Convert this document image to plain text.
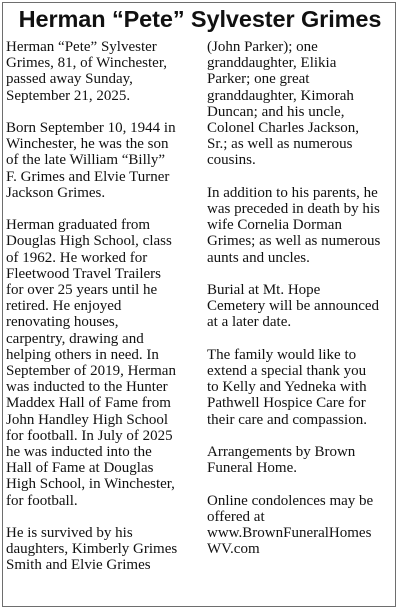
Herman “Pete” Sylvester Grimes

Herman “Pete” Sylvester
Grimes, 81, of Winchester,
passed away Sunday,
September 21, 2025.

Born September 10, 1944 in
Winchester, he was the son
of the late William “Billy”
F. Grimes and Elvie Turner
Jackson Grimes.

Herman graduated from
Douglas High School, class
of 1962. He worked for
Fleetwood Travel Trailers
for over 25 years until he
retired. He enjoyed
renovating houses,
carpentry, drawing and
helping others in need. In
September of 2019, Herman
was inducted to the Hunter
Maddex Hall of Fame from
John Handley High School
for football. In July of 2025
he was inducted into the
Hall of Fame at Douglas
High School, in Winchester,
for football.

He is survived by his
daughters, Kimberly Grimes
Smith and Elvie Grimes

(John Parker); one
granddaughter, Elikia
Parker; one great
granddaughter, Kimorah
Duncan; and his uncle,
Colonel Charles Jackson,
Sr.; as well as numerous
cousins.

In addition to his parents, he
was preceded in death by his
wife Cornelia Dorman
Grimes; as well as numerous
aunts and uncles.

Burial at Mt. Hope
Cemetery will be announced
at a later date.

The family would like to
extend a special thank you
to Kelly and Yedneka with
Pathwell Hospice Care for
their care and compassion.

Arrangements by Brown
Funeral Home.

Online condolences may be
offered at
www.BrownFuneralHomes
WV.com
